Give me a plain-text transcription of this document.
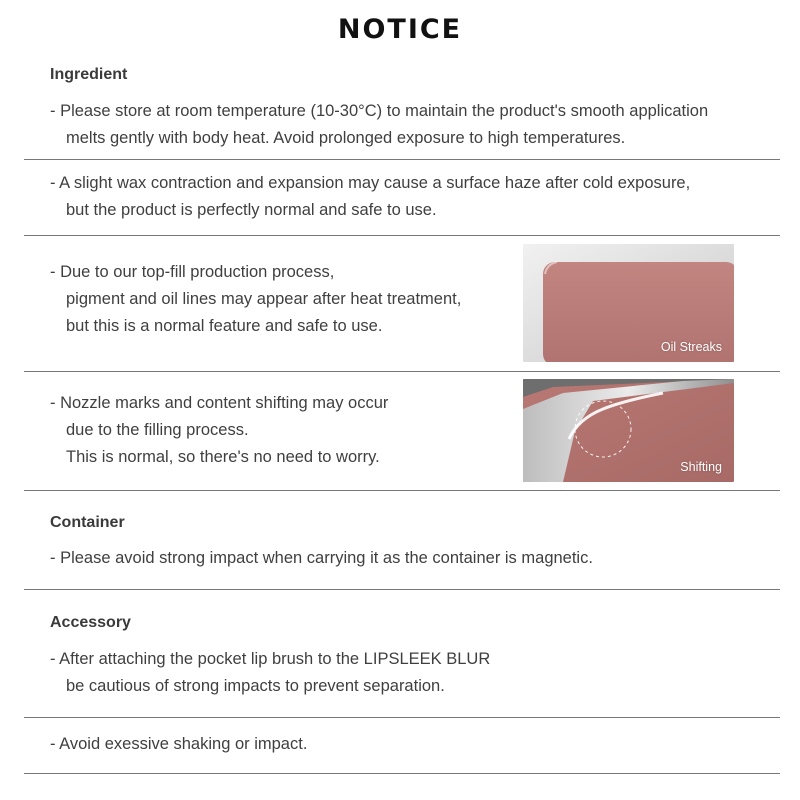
NOTICE
Ingredient
- Please store at room temperature (10-30°C) to maintain the product's smooth application
melts gently with body heat. Avoid prolonged exposure to high temperatures.
- A slight wax contraction and expansion may cause a surface haze after cold exposure,
but the product is perfectly normal and safe to use.
- Due to our top-fill production process,
pigment and oil lines may appear after heat treatment,
but this is a normal feature and safe to use.
Oil Streaks
- Nozzle marks and content shifting may occur
due to the filling process.
This is normal, so there's no need to worry.
Shifting
Container
- Please avoid strong impact when carrying it as the container is magnetic.
Accessory
- After attaching the pocket lip brush to the LIPSLEEK BLUR
be cautious of strong impacts to prevent separation.
- Avoid exessive shaking or impact.
